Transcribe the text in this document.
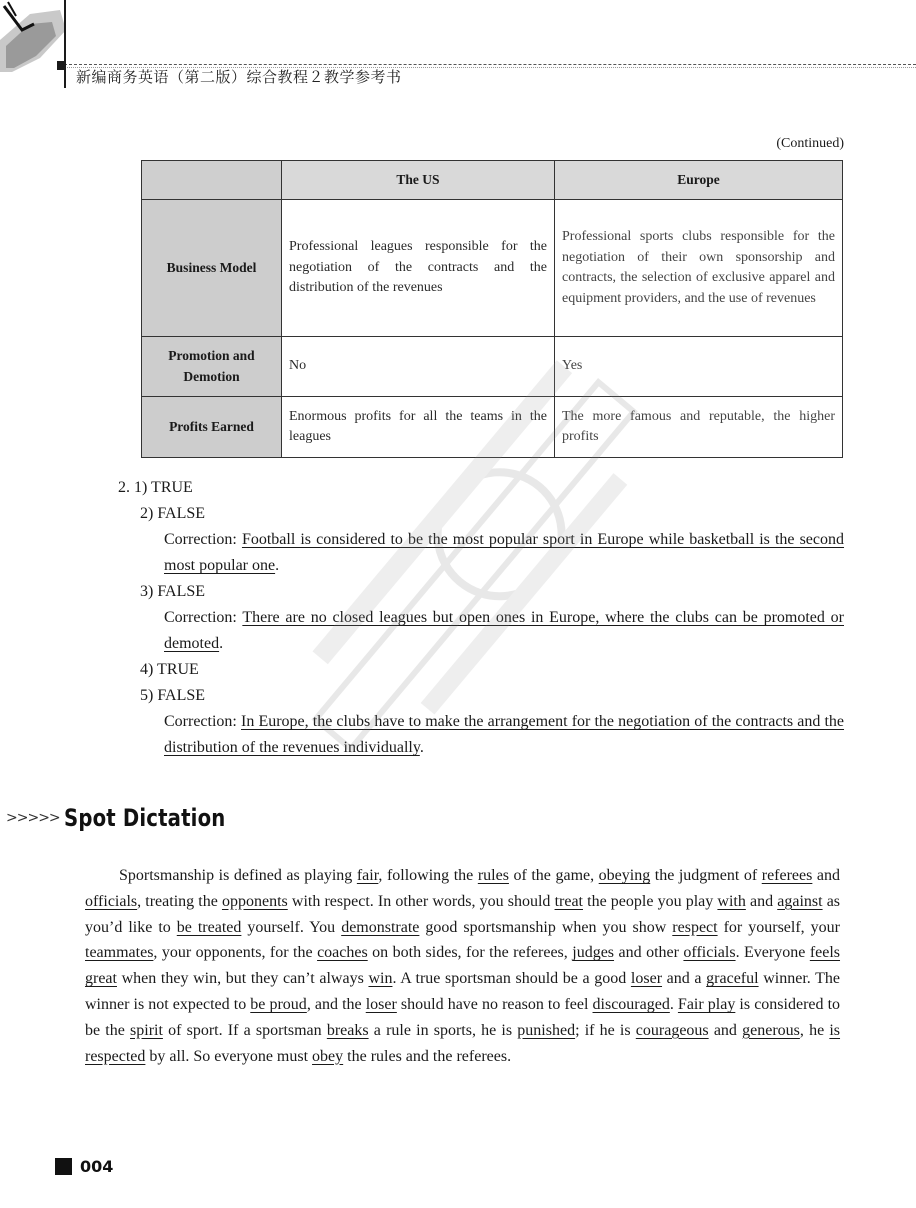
新编商务英语（第二版）综合教程２教学参考书
(Continued)
	The US	Europe
Business Model	Professional leagues responsible for the negotiation of the contracts and the distribution of the revenues	Professional sports clubs responsible for the negotiation of their own sponsorship and contracts, the selection of exclusive apparel and equipment providers, and the use of revenues
Promotion and Demotion	No	Yes
Profits Earned	Enormous profits for all the teams in the leagues	The more famous and reputable, the higher profits
2. 1) TRUE
2) FALSE
Correction: Football is considered to be the most popular sport in Europe while basketball is the second most popular one.
3) FALSE
Correction: There are no closed leagues but open ones in Europe, where the clubs can be promoted or demoted.
4) TRUE
5) FALSE
Correction: In Europe, the clubs have to make the arrangement for the negotiation of the contracts and the distribution of the revenues individually.
>>>>> Spot Dictation
Sportsmanship is defined as playing fair, following the rules of the game, obeying the judgment of referees and officials, treating the opponents with respect. In other words, you should treat the people you play with and against as you’d like to be treated yourself. You demonstrate good sportsmanship when you show respect for yourself, your teammates, your opponents, for the coaches on both sides, for the referees, judges and other officials. Everyone feels great when they win, but they can’t always win. A true sportsman should be a good loser and a graceful winner. The winner is not expected to be proud, and the loser should have no reason to feel discouraged. Fair play is considered to be the spirit of sport. If a sportsman breaks a rule in sports, he is punished; if he is courageous and generous, he is respected by all. So everyone must obey the rules and the referees.
004
